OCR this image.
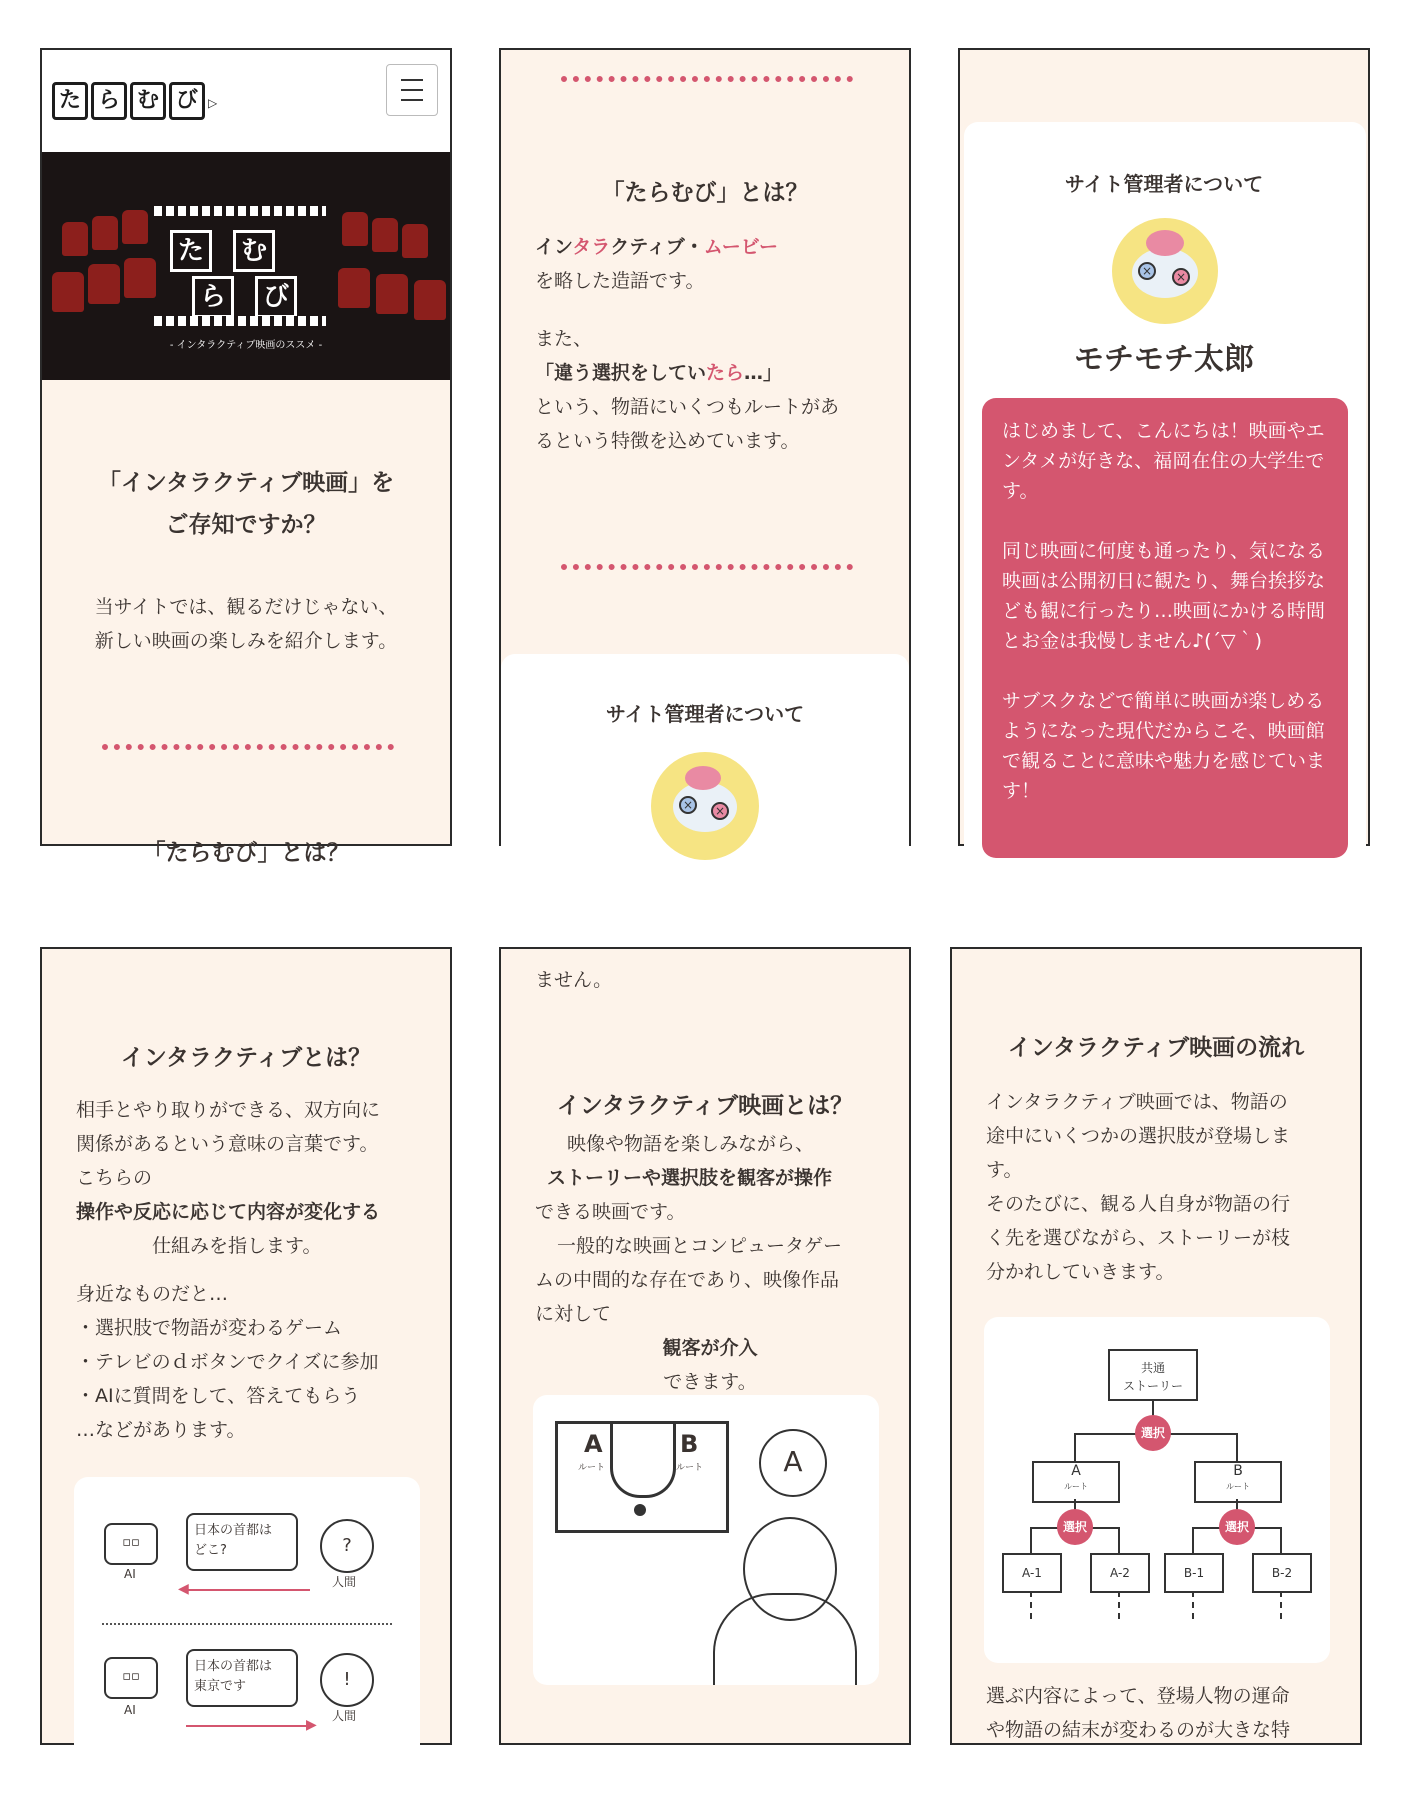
た ら む び ▷
た む
ら び
- インタラクティブ映画のススメ -
「インタラクティブ映画」を
ご存知ですか？
当サイトでは、観るだけじゃない、
新しい映画の楽しみを紹介します。
「たらむび」とは？
「たらむび」とは？
インタラクティブ・ムービー
を略した造語です。
また、
「違う選択をしていたら…」
という、物語にいくつもルートがあ
るという特徴を込めています。
サイト管理者について
×	×
サイト管理者について
×	×
モチモチ太郎
はじめまして、こんにちは！映画やエンタメが好きな、福岡在住の大学生です。
同じ映画に何度も通ったり、気になる映画は公開初日に観たり、舞台挨拶なども観に行ったり…映画にかける時間とお金は我慢しません♪(´▽｀)
サブスクなどで簡単に映画が楽しめるようになった現代だからこそ、映画館で観ることに意味や魅力を感じています！
インタラクティブとは？
相手とやり取りができる、双方向に
関係があるという意味の言葉です。
こちらの
操作や反応に応じて内容が変化する
仕組みを指します。
身近なものだと…
・選択肢で物語が変わるゲーム
・テレビのｄボタンでクイズに参加
・AIに質問をして、答えてもらう
…などがあります。
▫▫
AI
日本の首都は
どこ?	?
人間
◀
▫▫
AI
日本の首都は
東京です	!
人間
▶
ません。
インタラクティブ映画とは？
映像や物語を楽しみながら、
ストーリーや選択肢を観客が操作
できる映画です。
一般的な映画とコンピュータゲー
ムの中間的な存在であり、映像作品
に対して
観客が介入
できます。
A
ルート
B
ルート	A
インタラクティブ映画の流れ
インタラクティブ映画では、物語の
途中にいくつかの選択肢が登場しま
す。
そのたびに、観る人自身が物語の行
く先を選びながら、ストーリーが枝
分かれしていきます。
共通
ストーリー
選択
A
ルート
B
ルート
選択	選択
A-1	A-2	B-1	B-2
選ぶ内容によって、登場人物の運命
や物語の結末が変わるのが大きな特
